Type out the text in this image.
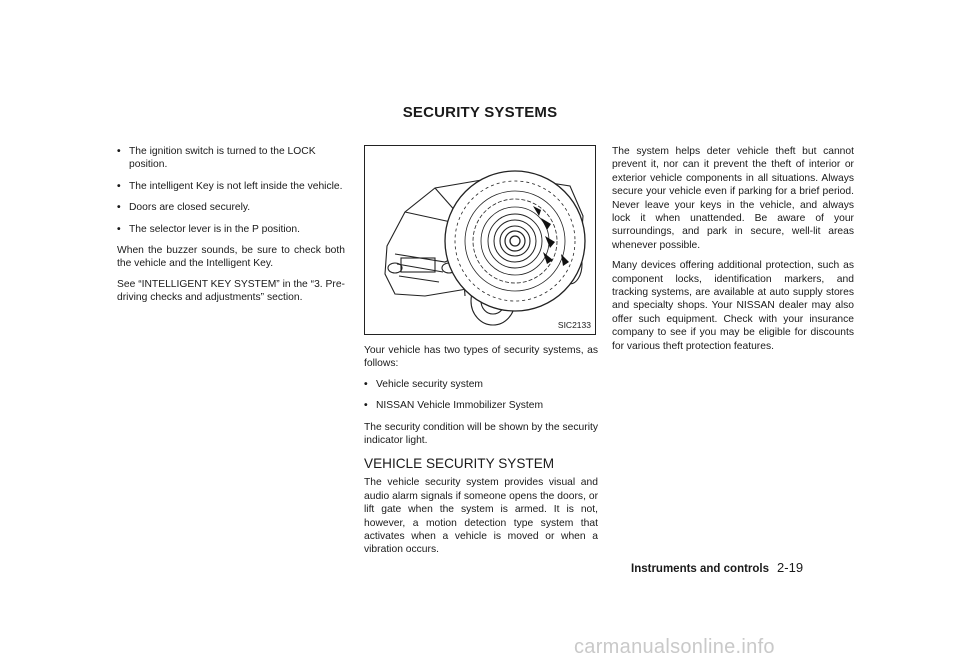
SECURITY SYSTEMS
• The ignition switch is turned to the LOCK position.
• The intelligent Key is not left inside the vehicle.
• Doors are closed securely.
• The selector lever is in the P position.

When the buzzer sounds, be sure to check both the vehicle and the Intelligent Key.

See “INTELLIGENT KEY SYSTEM” in the “3. Pre-driving checks and adjustments” section.

SIC2133

Your vehicle has two types of security systems, as follows:

• Vehicle security system
• NISSAN Vehicle Immobilizer System

The security condition will be shown by the security indicator light.

VEHICLE SECURITY SYSTEM

The vehicle security system provides visual and audio alarm signals if someone opens the doors, or lift gate when the system is armed. It is not, however, a motion detection type system that activates when a vehicle is moved or when a vibration occurs.

The system helps deter vehicle theft but cannot prevent it, nor can it prevent the theft of interior or exterior vehicle components in all situations. Always secure your vehicle even if parking for a brief period. Never leave your keys in the vehicle, and always lock it when unattended. Be aware of your surroundings, and park in secure, well-lit areas whenever possible.

Many devices offering additional protection, such as component locks, identification markers, and tracking systems, are available at auto supply stores and specialty shops. Your NISSAN dealer may also offer such equipment. Check with your insurance company to see if you may be eligible for discounts for various theft protection features.

Instruments and controls 2-19
carmanualsonline.info
